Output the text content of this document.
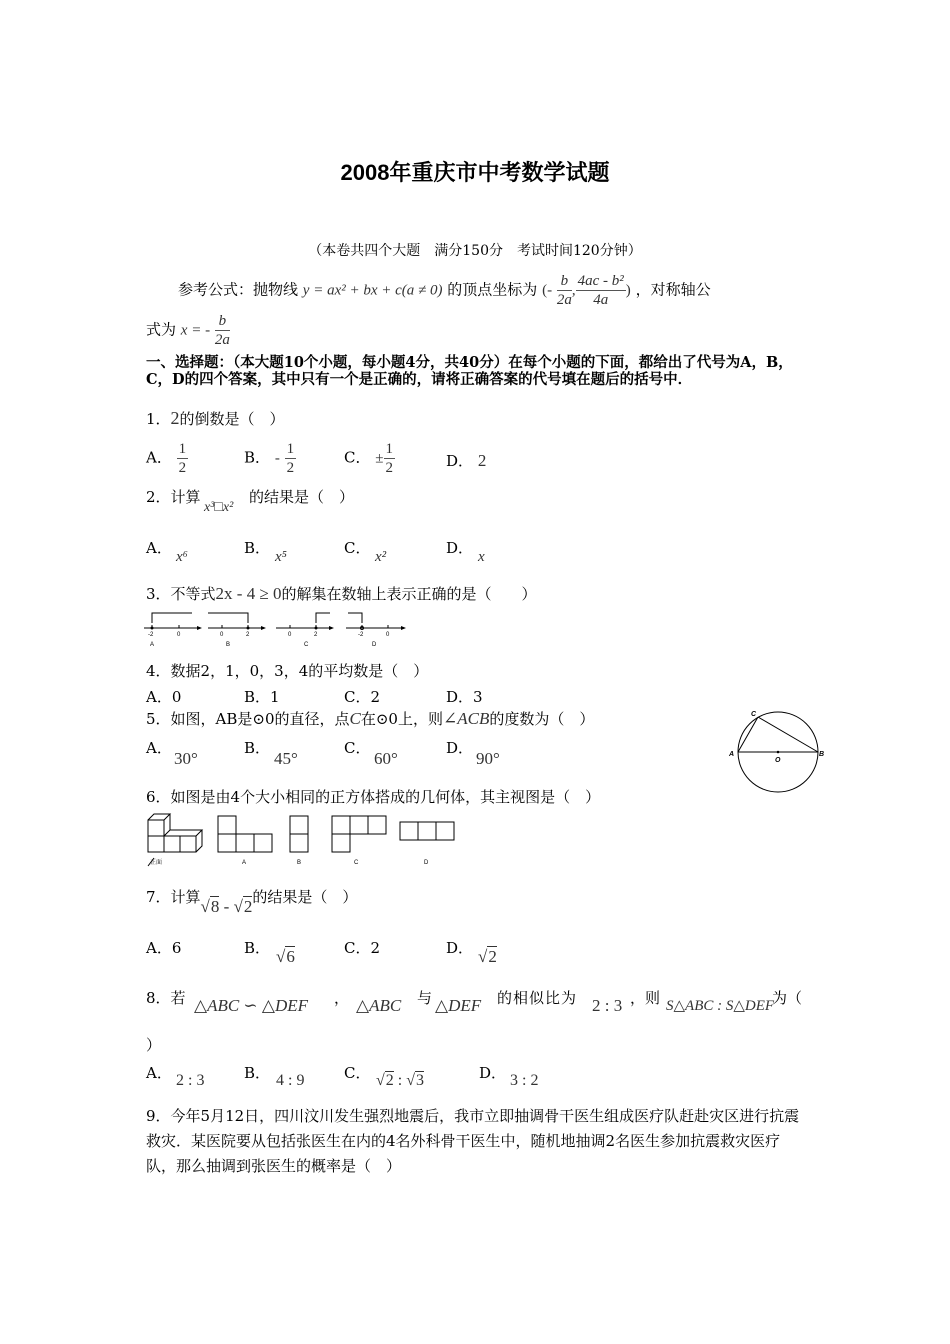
2008年重庆市中考数学试题
（本卷共四个大题　满分150分　考试时间120分钟）
参考公式：抛物线 y = ax² + bx + c(a ≠ 0) 的顶点坐标为 (- $\frac{b}{2a}$ , $\frac{\text{4ac - b²}}{4a}$ ) ，对称轴公
式为 x = - $\frac{b}{2a}$
一、选择题：（本大题10个小题，每小题4分，共40分）在每个小题的下面，都给出了代号为A，B，C，D的四个答案，其中只有一个是正确的，请将正确答案的代号填在题后的括号中．
1．2的倒数是（　）
A． $\frac{1}{2}$	B． - $\frac{1}{2}$	C． ± $\frac{1}{2}$	D． 2
2．计算
x³□x²
的结果是（　）
A． x⁶	B． x⁵	C． x²	D． x
3．不等式2x - 4 ≥ 0的解集在数轴上表示正确的是（　　）
-2	0
A
0	2
B
0	2
C
-2	0
D
4．数据2，1，0，3，4的平均数是（　）
A．0	B．1	C．2	D．3
5．如图，AB是⊙0的直径，点C在⊙0上，则∠ACB的度数为（　）
A．
30°
B．
45°
C．
60°
D．
90°
C
A
O
B
6．如图是由4个大小相同的正方体搭成的几何体，其主视图是（　）
正面	A	B	C	D
7．计算√8 - √2的结果是（　）
A．6	B． √6	C．2	D． √2
8．若 △ABC ∽ △DEF ， △ABC 与 △DEF 的相似比为 2 : 3 ，则 S△ABC : S△DEF
为（
）
A． 2 : 3	B． 4 : 9	C． √2 : √3	D． 3 : 2
9．今年5月12日，四川汶川发生强烈地震后，我市立即抽调骨干医生组成医疗队赶赴灾区进行抗震救灾．某医院要从包括张医生在内的4名外科骨干医生中，随机地抽调2名医生参加抗震救灾医疗队，那么抽调到张医生的概率是（　）
